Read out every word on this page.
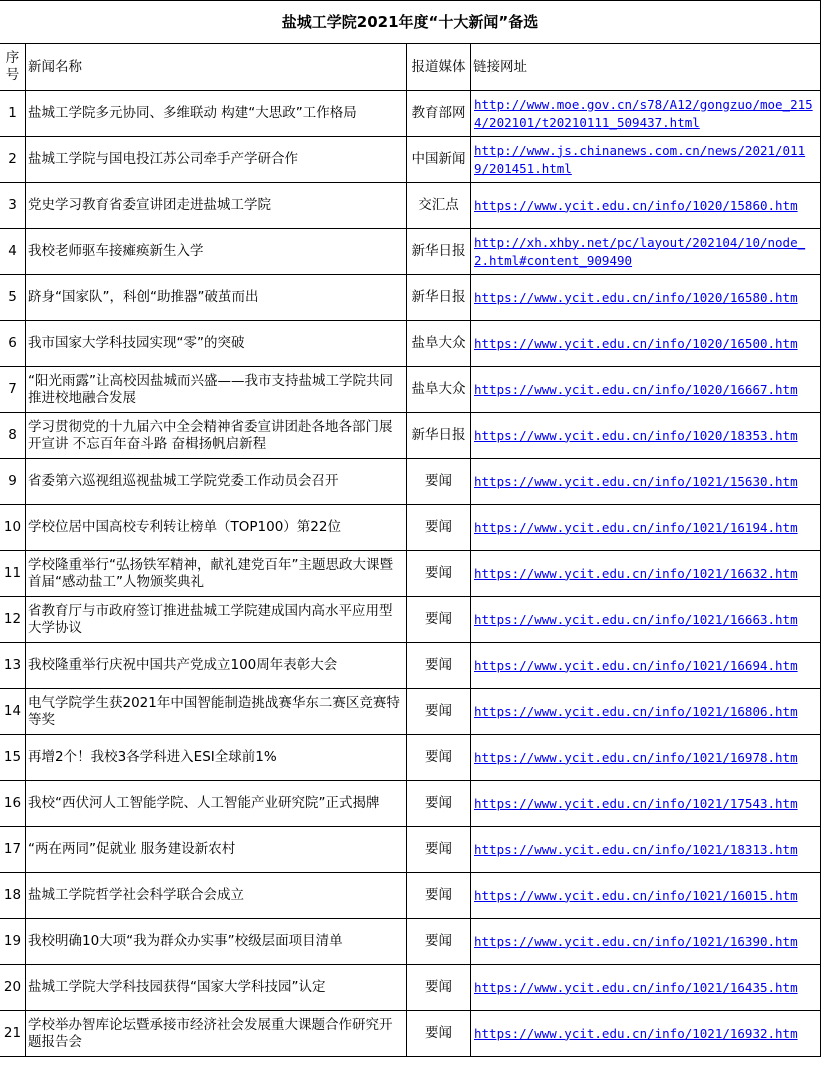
盐城工学院2021年度“十大新闻”备选			
序号	新闻名称	报道媒体	链接网址
1	盐城工学院多元协同、多维联动 构建“大思政”工作格局	教育部网	http://www.moe.gov.cn/s78/A12/gongzuo/moe_2154/202101/t20210111_509437.html
2	盐城工学院与国电投江苏公司牵手产学研合作	中国新闻	http://www.js.chinanews.com.cn/news/2021/0119/201451.html
3	党史学习教育省委宣讲团走进盐城工学院	交汇点	https://www.ycit.edu.cn/info/1020/15860.htm
4	我校老师驱车接瘫痪新生入学	新华日报	http://xh.xhby.net/pc/layout/202104/10/node_2.html#content_909490
5	跻身“国家队”，科创“助推器”破茧而出	新华日报	https://www.ycit.edu.cn/info/1020/16580.htm
6	我市国家大学科技园实现“零”的突破	盐阜大众	https://www.ycit.edu.cn/info/1020/16500.htm
7	“阳光雨露”让高校因盐城而兴盛——我市支持盐城工学院共同推进校地融合发展	盐阜大众	https://www.ycit.edu.cn/info/1020/16667.htm
8	学习贯彻党的十九届六中全会精神省委宣讲团赴各地各部门展开宣讲 不忘百年奋斗路 奋楫扬帆启新程	新华日报	https://www.ycit.edu.cn/info/1020/18353.htm
9	省委第六巡视组巡视盐城工学院党委工作动员会召开	要闻	https://www.ycit.edu.cn/info/1021/15630.htm
10	学校位居中国高校专利转让榜单（TOP100）第22位	要闻	https://www.ycit.edu.cn/info/1021/16194.htm
11	学校隆重举行“弘扬铁军精神，献礼建党百年”主题思政大课暨首届“感动盐工”人物颁奖典礼	要闻	https://www.ycit.edu.cn/info/1021/16632.htm
12	省教育厅与市政府签订推进盐城工学院建成国内高水平应用型大学协议	要闻	https://www.ycit.edu.cn/info/1021/16663.htm
13	我校隆重举行庆祝中国共产党成立100周年表彰大会	要闻	https://www.ycit.edu.cn/info/1021/16694.htm
14	电气学院学生获2021年中国智能制造挑战赛华东二赛区竞赛特等奖	要闻	https://www.ycit.edu.cn/info/1021/16806.htm
15	再增2个！我校3各学科进入ESI全球前1%	要闻	https://www.ycit.edu.cn/info/1021/16978.htm
16	我校“西伏河人工智能学院、人工智能产业研究院”正式揭牌	要闻	https://www.ycit.edu.cn/info/1021/17543.htm
17	“两在两同”促就业 服务建设新农村	要闻	https://www.ycit.edu.cn/info/1021/18313.htm
18	盐城工学院哲学社会科学联合会成立	要闻	https://www.ycit.edu.cn/info/1021/16015.htm
19	我校明确10大项“我为群众办实事”校级层面项目清单	要闻	https://www.ycit.edu.cn/info/1021/16390.htm
20	盐城工学院大学科技园获得“国家大学科技园”认定	要闻	https://www.ycit.edu.cn/info/1021/16435.htm
21	学校举办智库论坛暨承接市经济社会发展重大课题合作研究开题报告会	要闻	https://www.ycit.edu.cn/info/1021/16932.htm
